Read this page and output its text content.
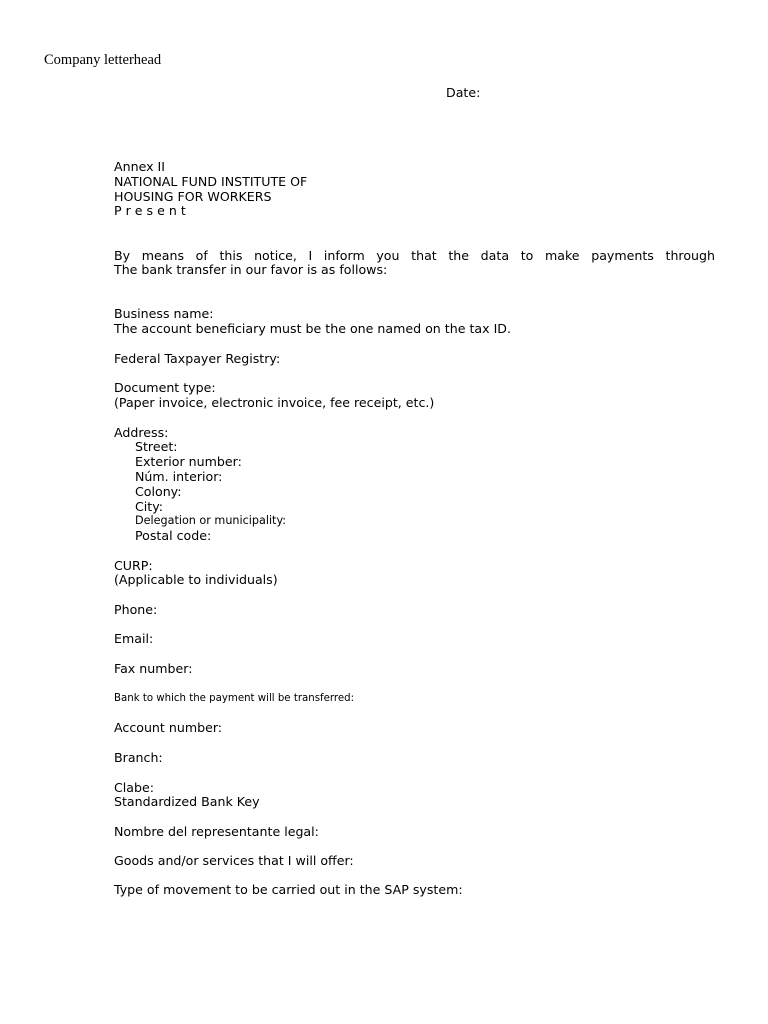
Company letterhead
Date:
Annex II
NATIONAL FUND INSTITUTE OF
HOUSING FOR WORKERS
P r e s e n t
By means of this notice, I inform you that the data to make payments through
The bank transfer in our favor is as follows:
Business name:
The account beneficiary must be the one named on the tax ID.
Federal Taxpayer Registry:
Document type:
(Paper invoice, electronic invoice, fee receipt, etc.)
Address:
Street:
Exterior number:
Núm. interior:
Colony:
City:
Delegation or municipality:
Postal code:
CURP:
(Applicable to individuals)
Phone:
Email:
Fax number:
Bank to which the payment will be transferred:
Account number:
Branch:
Clabe:
Standardized Bank Key
Nombre del representante legal:
Goods and/or services that I will offer:
Type of movement to be carried out in the SAP system:
